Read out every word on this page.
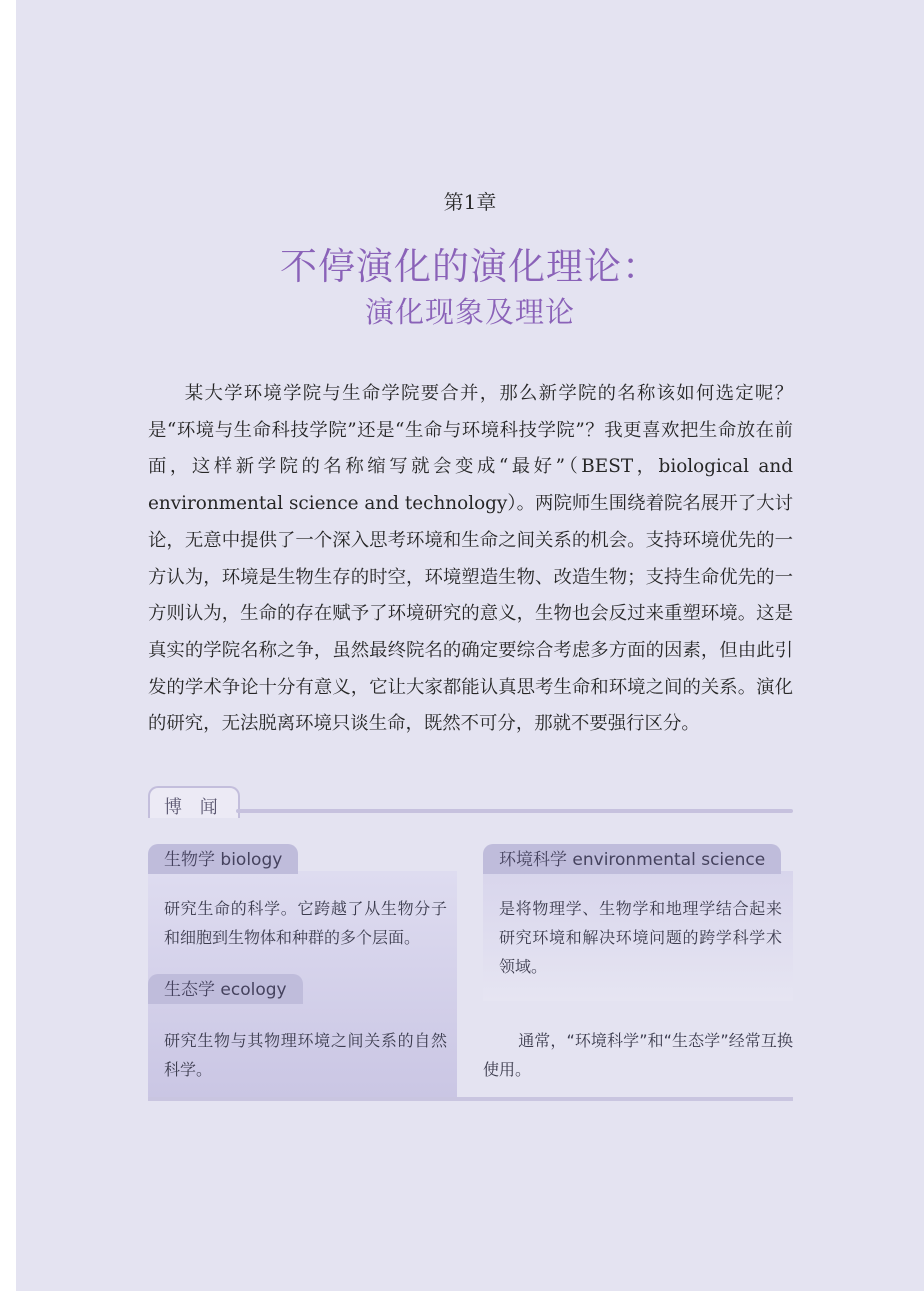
第1章
不停演化的演化理论：
演化现象及理论
某大学环境学院与生命学院要合并，那么新学院的名称该如何选定呢？是“环境与生命科技学院”还是“生命与环境科技学院”？我更喜欢把生命放在前面，这样新学院的名称缩写就会变成“最好”（BEST，biological and environmental science and technology）。两院师生围绕着院名展开了大讨论，无意中提供了一个深入思考环境和生命之间关系的机会。支持环境优先的一方认为，环境是生物生存的时空，环境塑造生物、改造生物；支持生命优先的一方则认为，生命的存在赋予了环境研究的意义，生物也会反过来重塑环境。这是真实的学院名称之争，虽然最终院名的确定要综合考虑多方面的因素，但由此引发的学术争论十分有意义，它让大家都能认真思考生命和环境之间的关系。演化的研究，无法脱离环境只谈生命，既然不可分，那就不要强行区分。
博 闻
生物学 biology
研究生命的科学。它跨越了从生物分子和细胞到生物体和种群的多个层面。
生态学 ecology
研究生物与其物理环境之间关系的自然科学。
环境科学 environmental science
是将物理学、生物学和地理学结合起来研究环境和解决环境问题的跨学科学术领域。
通常，“环境科学”和“生态学”经常互换使用。
